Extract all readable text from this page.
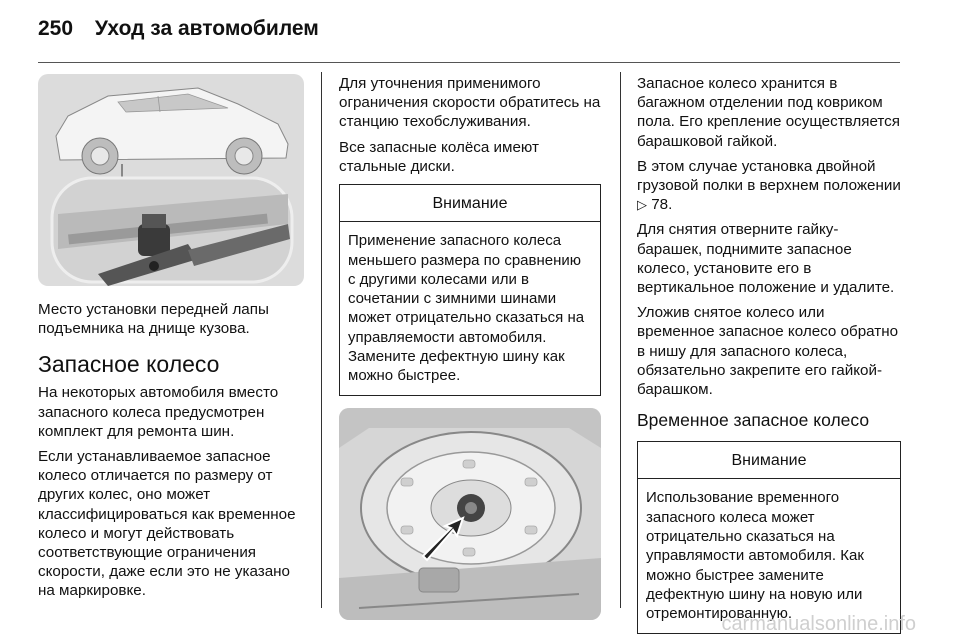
250 Уход за автомобилем

Место установки передней лапы подъемника на днище кузова.

Запасное колесо

На некоторых автомобиля вместо запасного колеса предусмотрен комплект для ремонта шин.

Если устанавливаемое запасное колесо отличается по размеру от других колес, оно может классифицироваться как временное колесо и могут действовать соответствующие ограничения скорости, даже если это не указано на маркировке.

Для уточнения применимого ограничения скорости обратитесь на станцию техобслуживания.

Все запасные колёса имеют стальные диски.

Внимание
Применение запасного колеса меньшего размера по сравнению с другими колесами или в сочетании с зимними шинами может отрицательно сказаться на управляемости автомобиля. Замените дефектную шину как можно быстрее.

Запасное колесо хранится в багажном отделении под ковриком пола. Его крепление осуществляется барашковой гайкой.

В этом случае установка двойной грузовой полки в верхнем положении ▷ 78.

Для снятия отверните гайку-барашек, поднимите запасное колесо, установите его в вертикальное положение и удалите.

Уложив снятое колесо или временное запасное колесо обратно в нишу для запасного колеса, обязательно закрепите его гайкой-барашком.

Временное запасное колесо
Внимание
Использование временного запасного колеса может отрицательно сказаться на управлямости автомобиля. Как можно быстрее замените дефектную шину на новую или отремонтированную.
carmanualsonline.info
